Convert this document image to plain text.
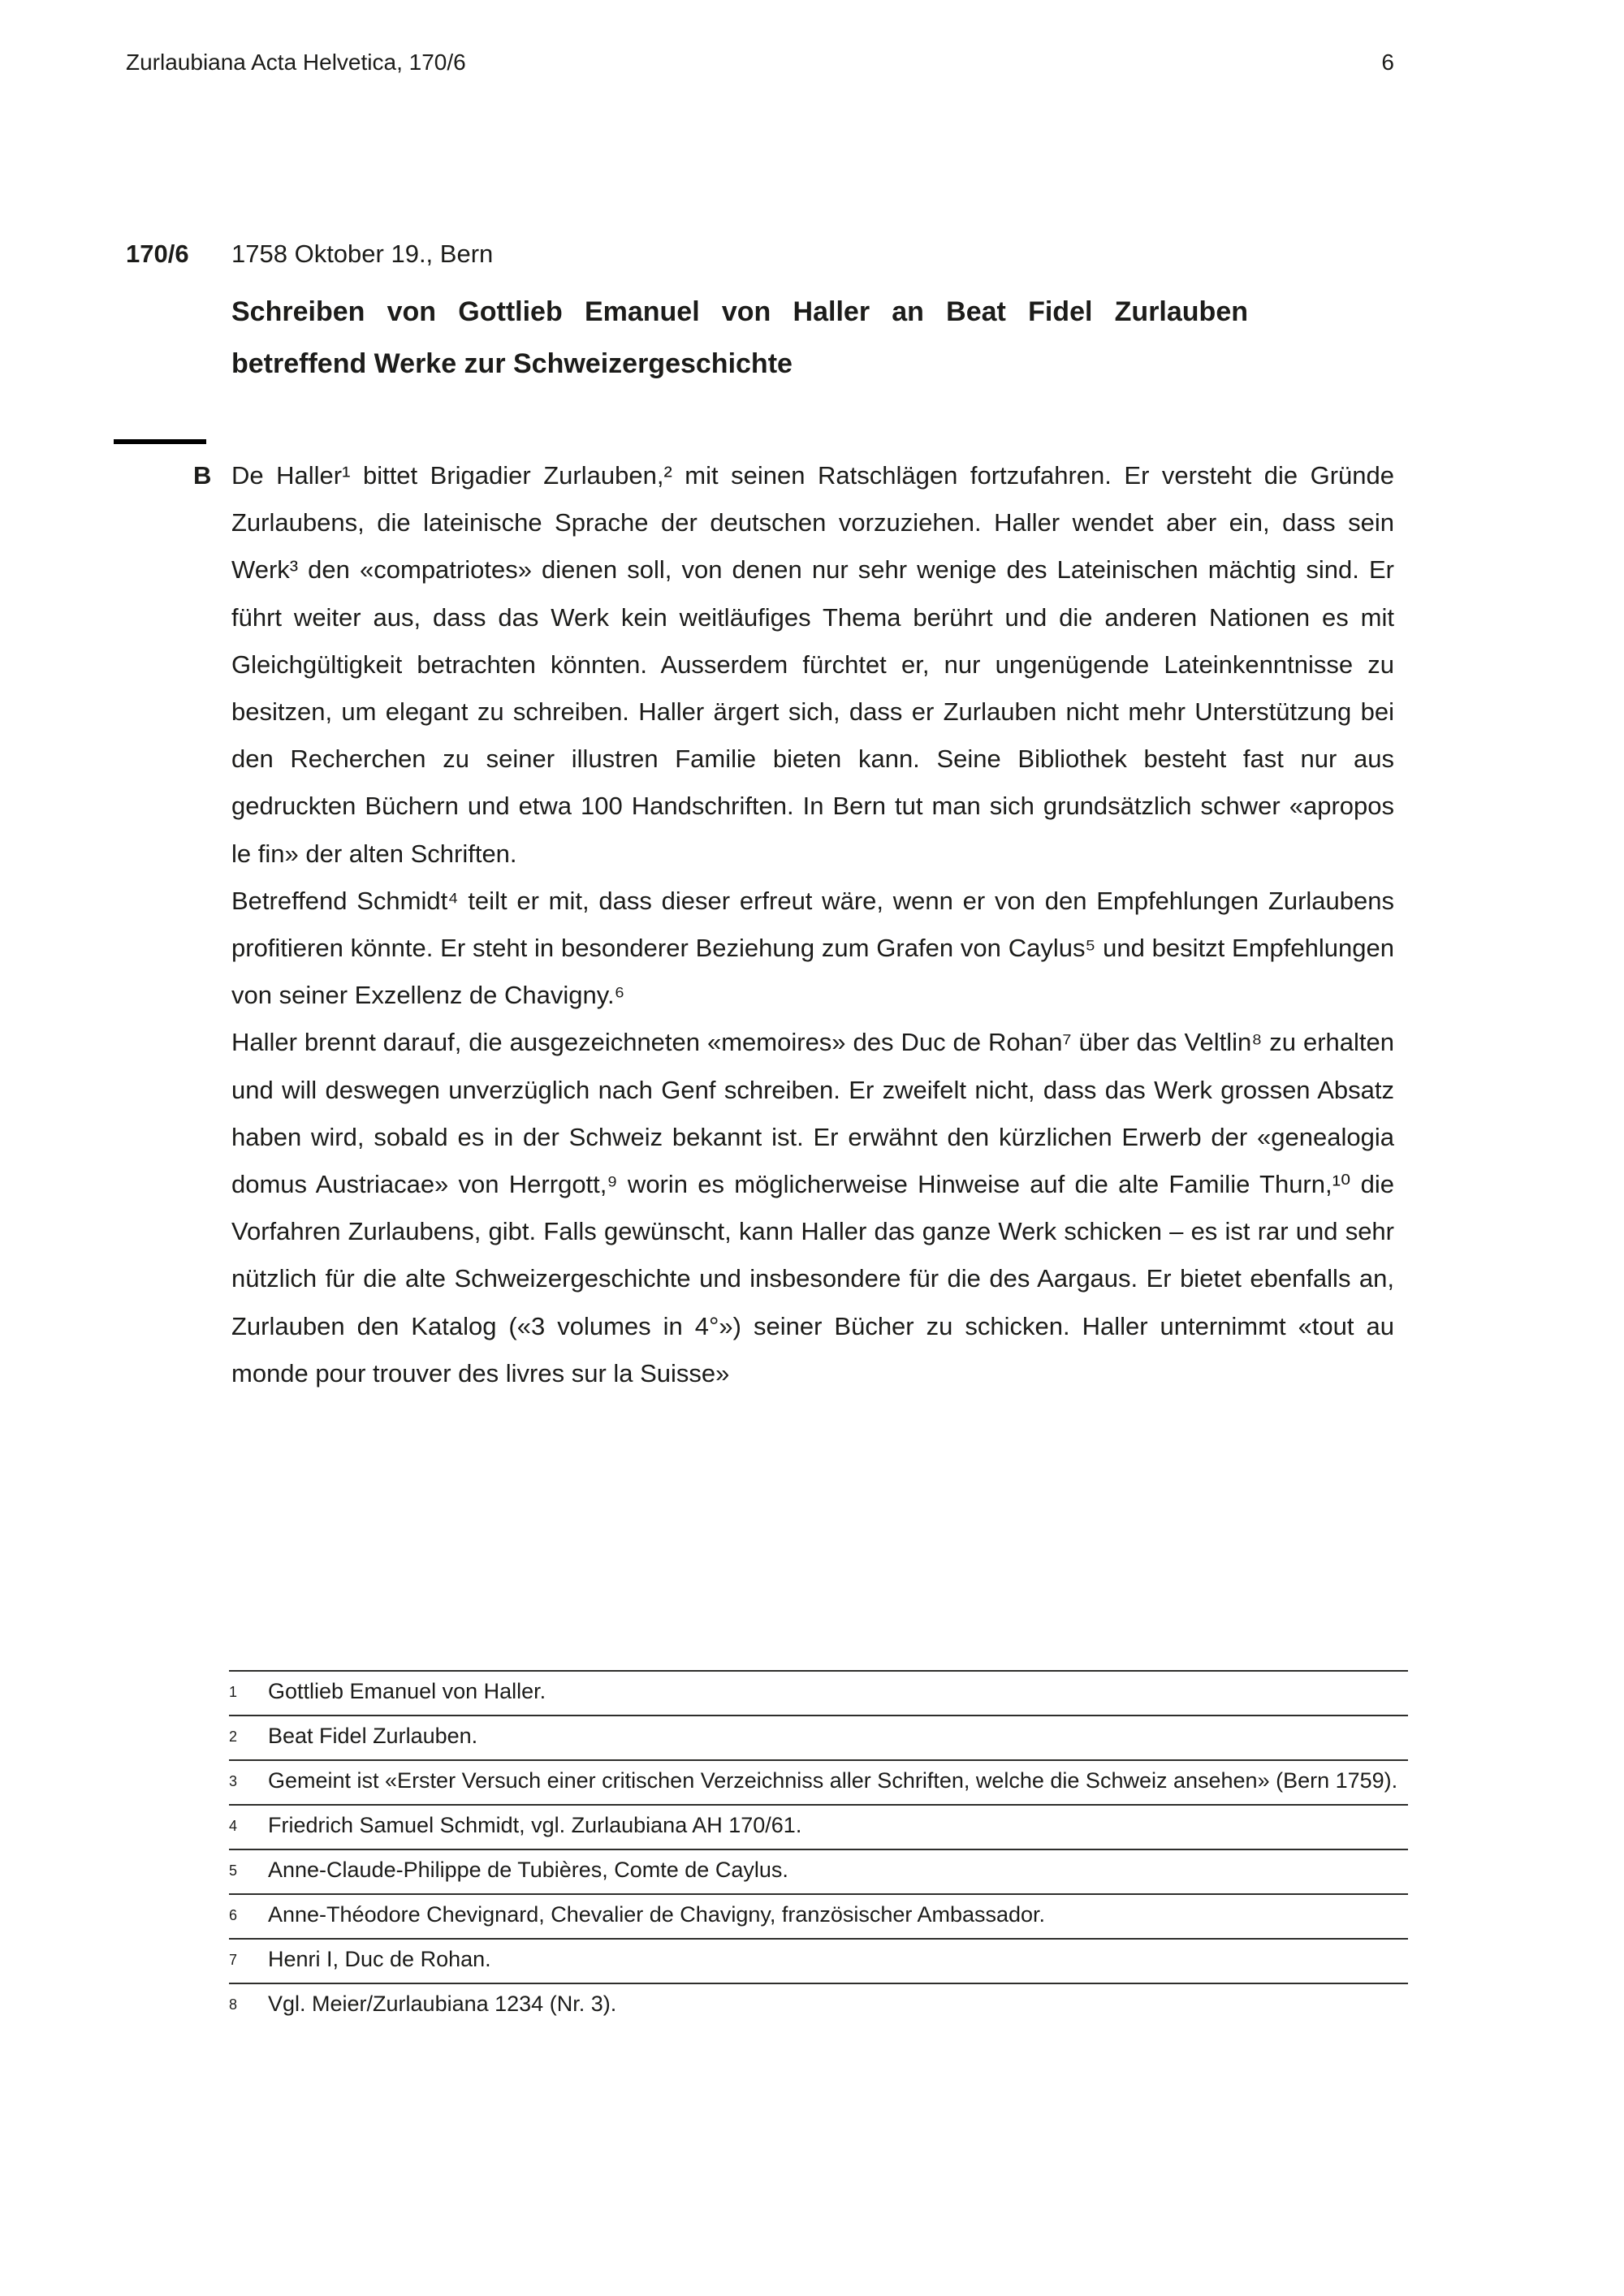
Zurlaubiana Acta Helvetica, 170/6	6
170/6 1758 Oktober 19., Bern
Schreiben von Gottlieb Emanuel von Haller an Beat Fidel Zurlauben betreffend Werke zur Schweizergeschichte
B De Haller¹ bittet Brigadier Zurlauben,² mit seinen Ratschlägen fortzufahren. Er versteht die Gründe Zurlaubens, die lateinische Sprache der deutschen vorzuziehen. Haller wendet aber ein, dass sein Werk³ den «compatriotes» dienen soll, von denen nur sehr wenige des Lateinischen mächtig sind. Er führt weiter aus, dass das Werk kein weitläufiges Thema berührt und die anderen Nationen es mit Gleichgültigkeit betrachten könnten. Ausserdem fürchtet er, nur ungenügende Lateinkenntnisse zu besitzen, um elegant zu schreiben. Haller ärgert sich, dass er Zurlauben nicht mehr Unterstützung bei den Recherchen zu seiner illustren Familie bieten kann. Seine Bibliothek besteht fast nur aus gedruckten Büchern und etwa 100 Handschriften. In Bern tut man sich grundsätzlich schwer «apropos le fin» der alten Schriften.

Betreffend Schmidt⁴ teilt er mit, dass dieser erfreut wäre, wenn er von den Empfehlungen Zurlaubens profitieren könnte. Er steht in besonderer Beziehung zum Grafen von Caylus⁵ und besitzt Empfehlungen von seiner Exzellenz de Chavigny.⁶

Haller brennt darauf, die ausgezeichneten «memoires» des Duc de Rohan⁷ über das Veltlin⁸ zu erhalten und will deswegen unverzüglich nach Genf schreiben. Er zweifelt nicht, dass das Werk grossen Absatz haben wird, sobald es in der Schweiz bekannt ist. Er erwähnt den kürzlichen Erwerb der «genealogia domus Austriacae» von Herrgott,⁹ worin es möglicherweise Hinweise auf die alte Familie Thurn,¹⁰ die Vorfahren Zurlaubens, gibt. Falls gewünscht, kann Haller das ganze Werk schicken – es ist rar und sehr nützlich für die alte Schweizergeschichte und insbesondere für die des Aargaus. Er bietet ebenfalls an, Zurlauben den Katalog («3 volumes in 4°») seiner Bücher zu schicken. Haller unternimmt «tout au monde pour trouver des livres sur la Suisse»

1	Gottlieb Emanuel von Haller.
2	Beat Fidel Zurlauben.
3	Gemeint ist «Erster Versuch einer critischen Verzeichniss aller Schriften, welche die Schweiz ansehen» (Bern 1759).
4	Friedrich Samuel Schmidt, vgl. Zurlaubiana AH 170/61.
5	Anne-Claude-Philippe de Tubières, Comte de Caylus.
6	Anne-Théodore Chevignard, Chevalier de Chavigny, französischer Ambassador.
7	Henri I, Duc de Rohan.
8	Vgl. Meier/Zurlaubiana 1234 (Nr. 3).
